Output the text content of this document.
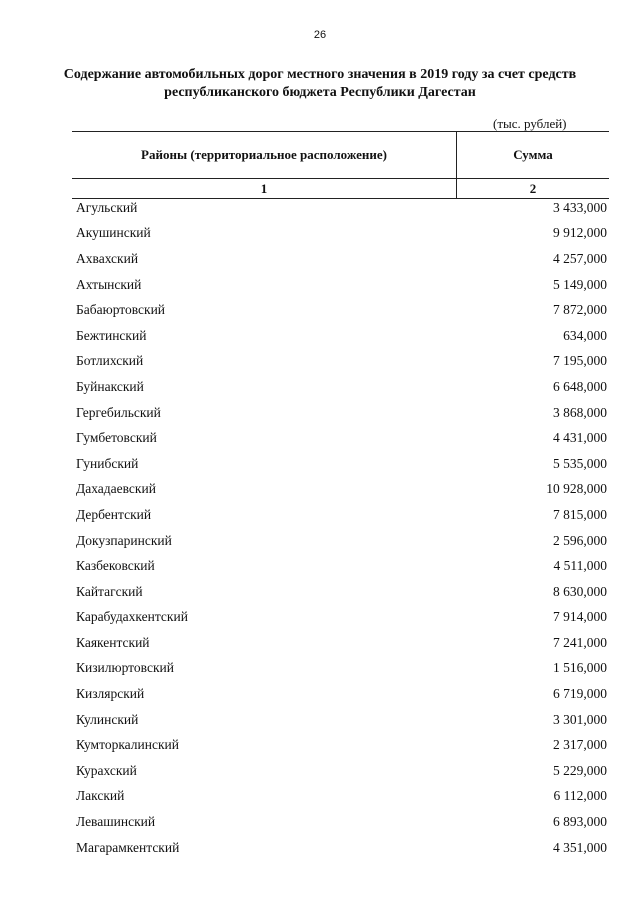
26
Содержание автомобильных дорог местного значения в 2019 году за счет средств
республиканского бюджета Республики Дагестан
(тыс. рублей)
Районы (территориальное расположение)	Сумма
1	2
Агульский	3 433,000
Акушинский	9 912,000
Ахвахский	4 257,000
Ахтынский	5 149,000
Бабаюртовский	7 872,000
Бежтинский	634,000
Ботлихский	7 195,000
Буйнакский	6 648,000
Гергебильский	3 868,000
Гумбетовский	4 431,000
Гунибский	5 535,000
Дахадаевский	10 928,000
Дербентский	7 815,000
Докузпаринский	2 596,000
Казбековский	4 511,000
Кайтагский	8 630,000
Карабудахкентский	7 914,000
Каякентский	7 241,000
Кизилюртовский	1 516,000
Кизлярский	6 719,000
Кулинский	3 301,000
Кумторкалинский	2 317,000
Курахский	5 229,000
Лакский	6 112,000
Левашинский	6 893,000
Магарамкентский	4 351,000
